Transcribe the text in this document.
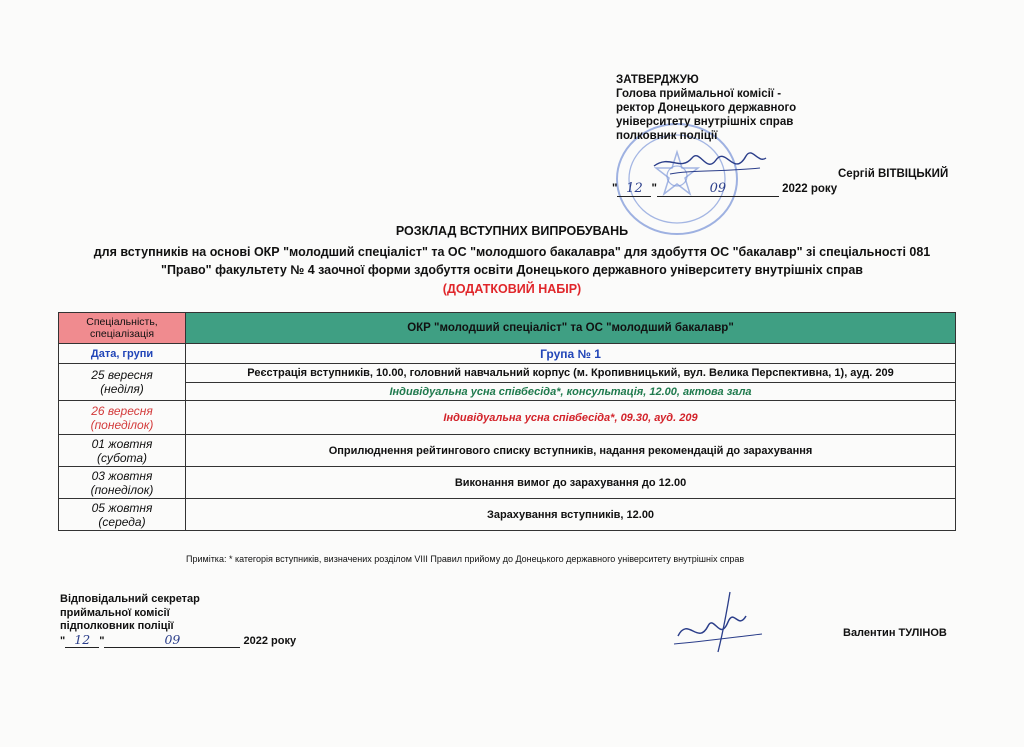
ЗАТВЕРДЖУЮ
Голова приймальної комісії -
ректор Донецького державного
університету внутрішніх справ
полковник поліції
Сергій ВІТВІЦЬКИЙ
" 12 "	09	2022 року
РОЗКЛАД ВСТУПНИХ ВИПРОБУВАНЬ
для вступників на основі ОКР "молодший спеціаліст" та ОС "молодшого бакалавра" для здобуття ОС "бакалавр" зі спеціальності 081
"Право" факультету № 4 заочної форми здобуття освіти Донецького державного університету внутрішніх справ
(ДОДАТКОВИЙ НАБІР)
Спеціальність, спеціалізація	ОКР "молодший спеціаліст" та ОС "молодший бакалавр"
Дата, групи	Група № 1

25 вересня
(неділя)	Реєстрація вступників, 10.00, головний навчальний корпус (м. Кропивницький, вул. Велика Перспективна, 1), ауд. 209
	Індивідуальна усна співбесіда*, консультація, 12.00, актова зала

26 вересня
(понеділок)	Індивідуальна усна співбесіда*, 09.30, ауд. 209

01 жовтня
(субота)	Оприлюднення рейтингового списку вступників, надання рекомендацій до зарахування

03 жовтня
(понеділок)	Виконання вимог до зарахування до 12.00

05 жовтня
(середа)	Зарахування вступників, 12.00
Примітка: * категорія вступників, визначених розділом VIII Правил прийому до Донецького державного університету внутрішніх справ
Відповідальний секретар
приймальної комісії
підполковник поліції
" 12 "	09	2022 року
Валентин ТУЛІНОВ
